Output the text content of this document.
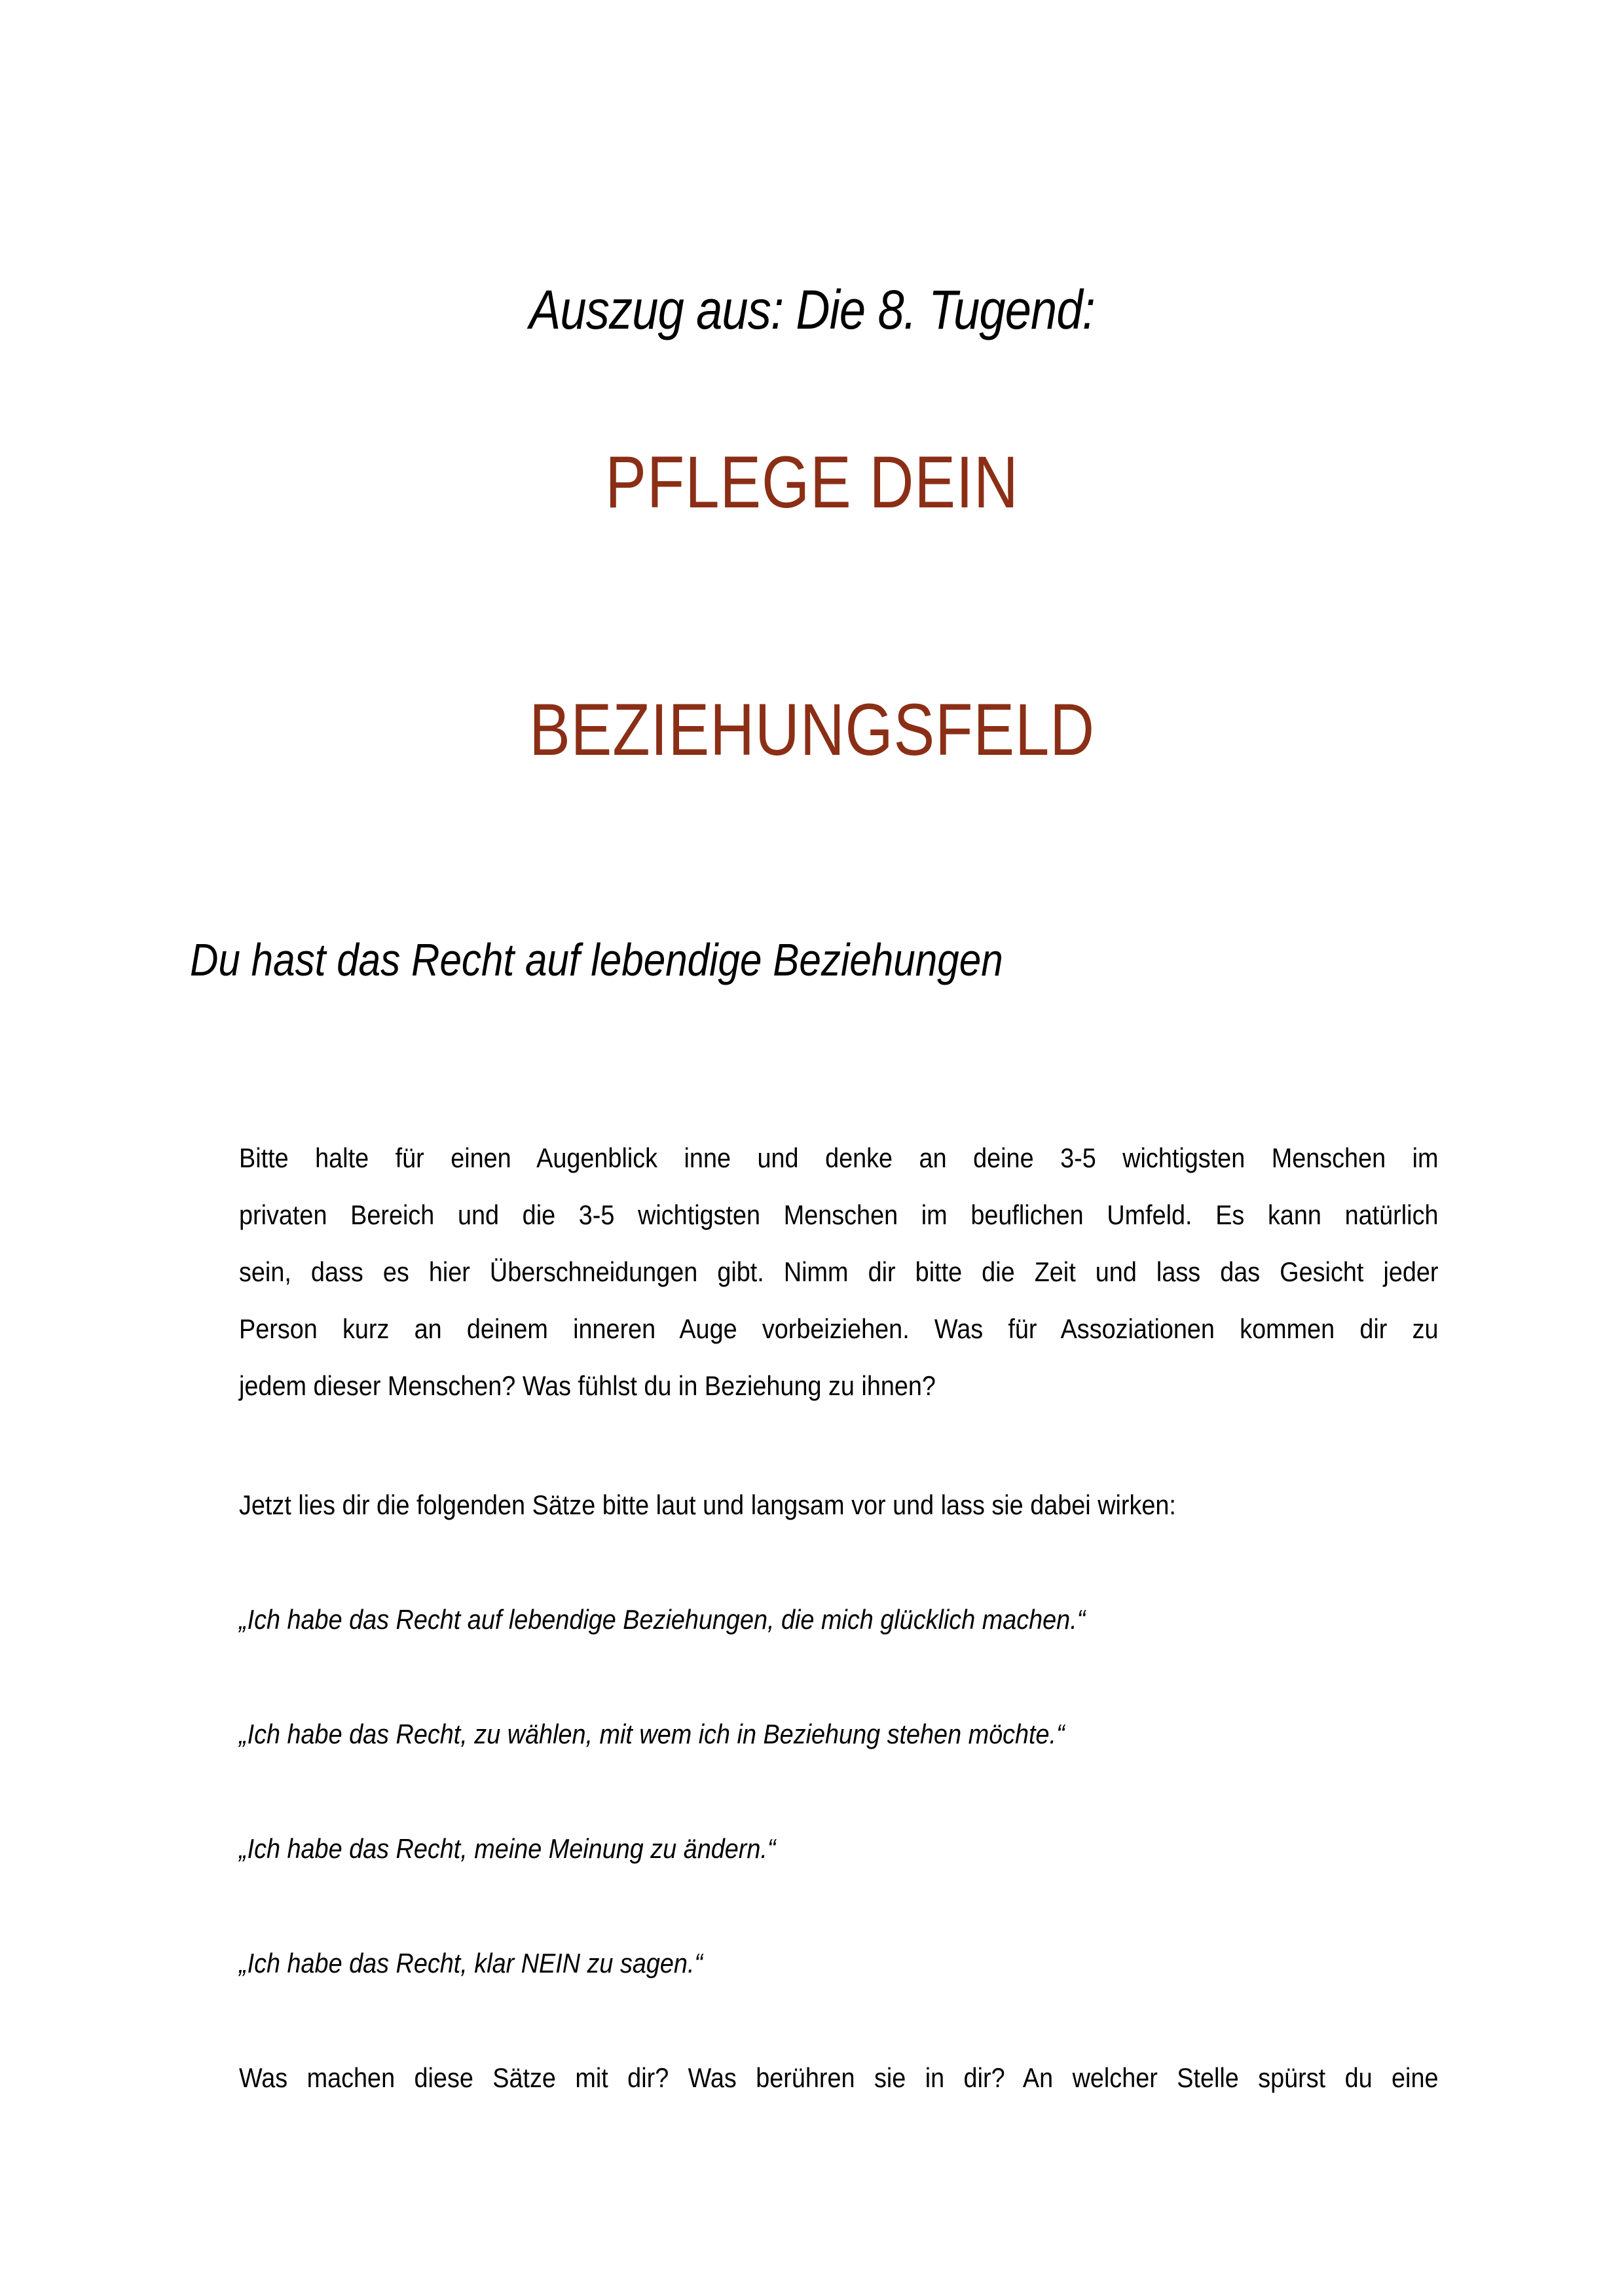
Auszug aus: Die 8. Tugend:
PFLEGE DEIN
BEZIEHUNGSFELD
Du hast das Recht auf lebendige Beziehungen
Bitte halte für einen Augenblick inne und denke an deine 3-5 wichtigsten Menschen im
privaten Bereich und die 3-5 wichtigsten Menschen im beuflichen Umfeld. Es kann natürlich
sein, dass es hier Überschneidungen gibt. Nimm dir bitte die Zeit und lass das Gesicht jeder
Person kurz an deinem inneren Auge vorbeiziehen. Was für Assoziationen kommen dir zu
jedem dieser Menschen? Was fühlst du in Beziehung zu ihnen?
Jetzt lies dir die folgenden Sätze bitte laut und langsam vor und lass sie dabei wirken:
„Ich habe das Recht auf lebendige Beziehungen, die mich glücklich machen.“
„Ich habe das Recht, zu wählen, mit wem ich in Beziehung stehen möchte.“
„Ich habe das Recht, meine Meinung zu ändern.“
„Ich habe das Recht, klar NEIN zu sagen.“
Was machen diese Sätze mit dir? Was berühren sie in dir? An welcher Stelle spürst du eine
